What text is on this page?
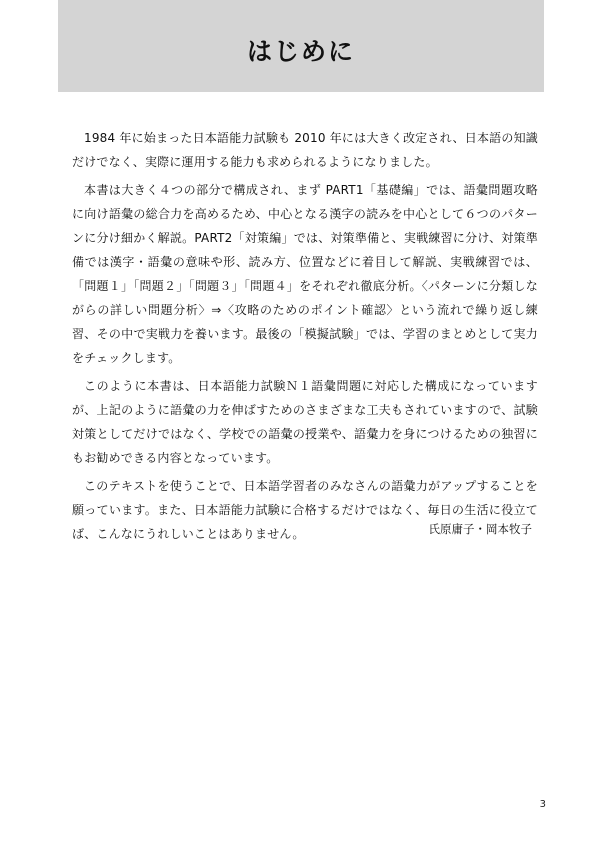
はじめに

1984 年に始まった日本語能力試験も 2010 年には大きく改定され、日本語の知識だけでなく、実際に運用する能力も求められるようになりました。

本書は大きく４つの部分で構成され、まず PART1「基礎編」では、語彙問題攻略に向け語彙の総合力を高めるため、中心となる漢字の読みを中心として６つのパターンに分け細かく解説。PART2「対策編」では、対策準備と、実戦練習に分け、対策準備では漢字・語彙の意味や形、読み方、位置などに着目して解説、実戦練習では、「問題１」「問題２」「問題３」「問題４」をそれぞれ徹底分析。〈パターンに分類しながらの詳しい問題分析〉⇒〈攻略のためのポイント確認〉という流れで繰り返し練習、その中で実戦力を養います。最後の「模擬試験」では、学習のまとめとして実力をチェックします。

このように本書は、日本語能力試験Ｎ１語彙問題に対応した構成になっていますが、上記のように語彙の力を伸ばすためのさまざまな工夫もされていますので、試験対策としてだけではなく、学校での語彙の授業や、語彙力を身につけるための独習にもお勧めできる内容となっています。

このテキストを使うことで、日本語学習者のみなさんの語彙力がアップすることを願っています。また、日本語能力試験に合格するだけではなく、毎日の生活に役立てば、こんなにうれしいことはありません。	氏原庸子・岡本牧子
3
